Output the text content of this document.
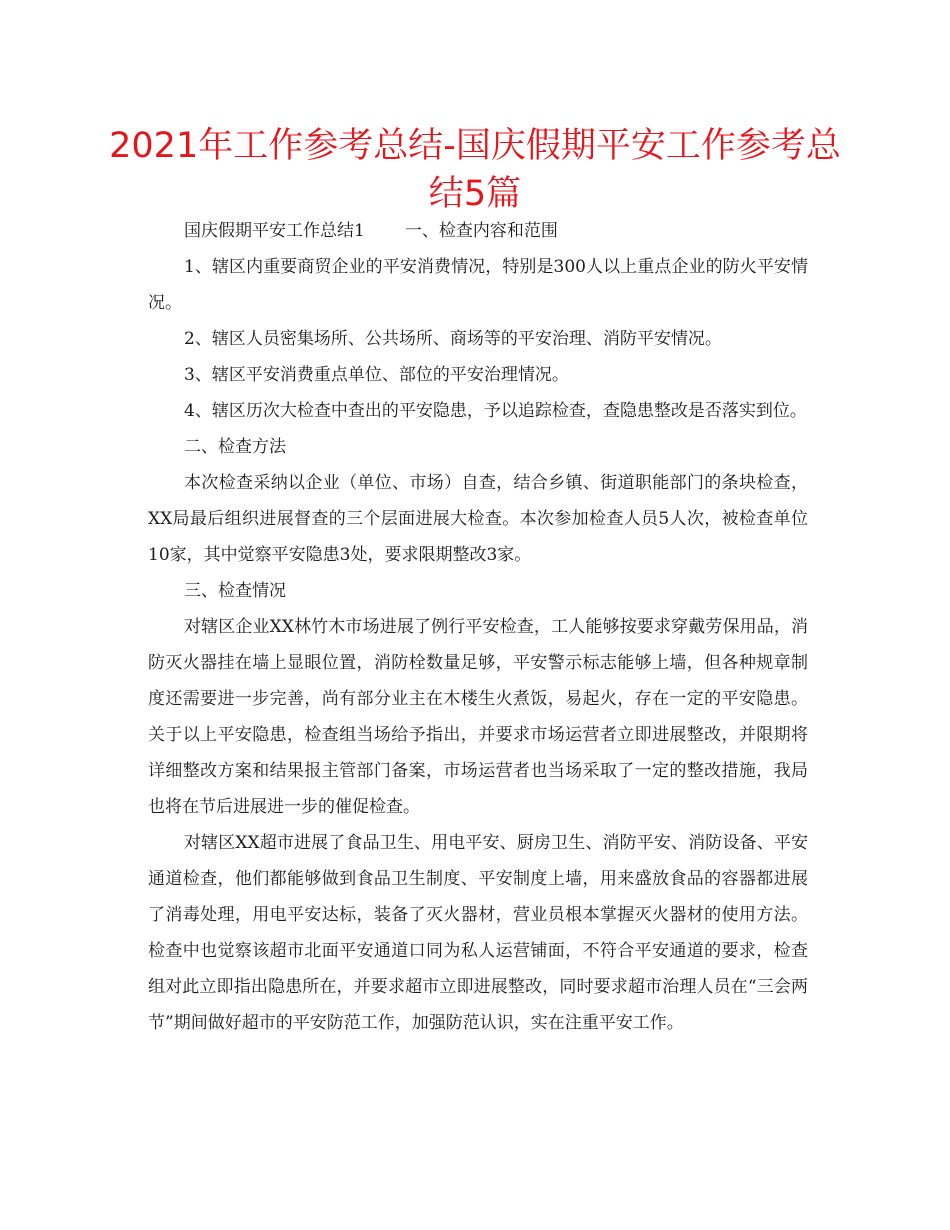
2021年工作参考总结-国庆假期平安工作参考总结5篇

国庆假期平安工作总结1 一、检查内容和范围

1、辖区内重要商贸企业的平安消费情况，特别是300人以上重点企业的防火平安情况。

2、辖区人员密集场所、公共场所、商场等的平安治理、消防平安情况。

3、辖区平安消费重点单位、部位的平安治理情况。

4、辖区历次大检查中查出的平安隐患，予以追踪检查，查隐患整改是否落实到位。

二、检查方法

本次检查采纳以企业（单位、市场）自查，结合乡镇、街道职能部门的条块检查，XX局最后组织进展督查的三个层面进展大检查。本次参加检查人员5人次，被检查单位10家，其中觉察平安隐患3处，要求限期整改3家。

三、检查情况

对辖区企业XX林竹木市场进展了例行平安检查，工人能够按要求穿戴劳保用品，消防灭火器挂在墙上显眼位置，消防栓数量足够，平安警示标志能够上墙，但各种规章制度还需要进一步完善，尚有部分业主在木楼生火煮饭，易起火，存在一定的平安隐患。关于以上平安隐患，检查组当场给予指出，并要求市场运营者立即进展整改，并限期将详细整改方案和结果报主管部门备案，市场运营者也当场采取了一定的整改措施，我局也将在节后进展进一步的催促检查。

对辖区XX超市进展了食品卫生、用电平安、厨房卫生、消防平安、消防设备、平安通道检查，他们都能够做到食品卫生制度、平安制度上墙，用来盛放食品的容器都进展了消毒处理，用电平安达标，装备了灭火器材，营业员根本掌握灭火器材的使用方法。检查中也觉察该超市北面平安通道口同为私人运营铺面，不符合平安通道的要求，检查组对此立即指出隐患所在，并要求超市立即进展整改，同时要求超市治理人员在“三会两节”期间做好超市的平安防范工作，加强防范认识，实在注重平安工作。
